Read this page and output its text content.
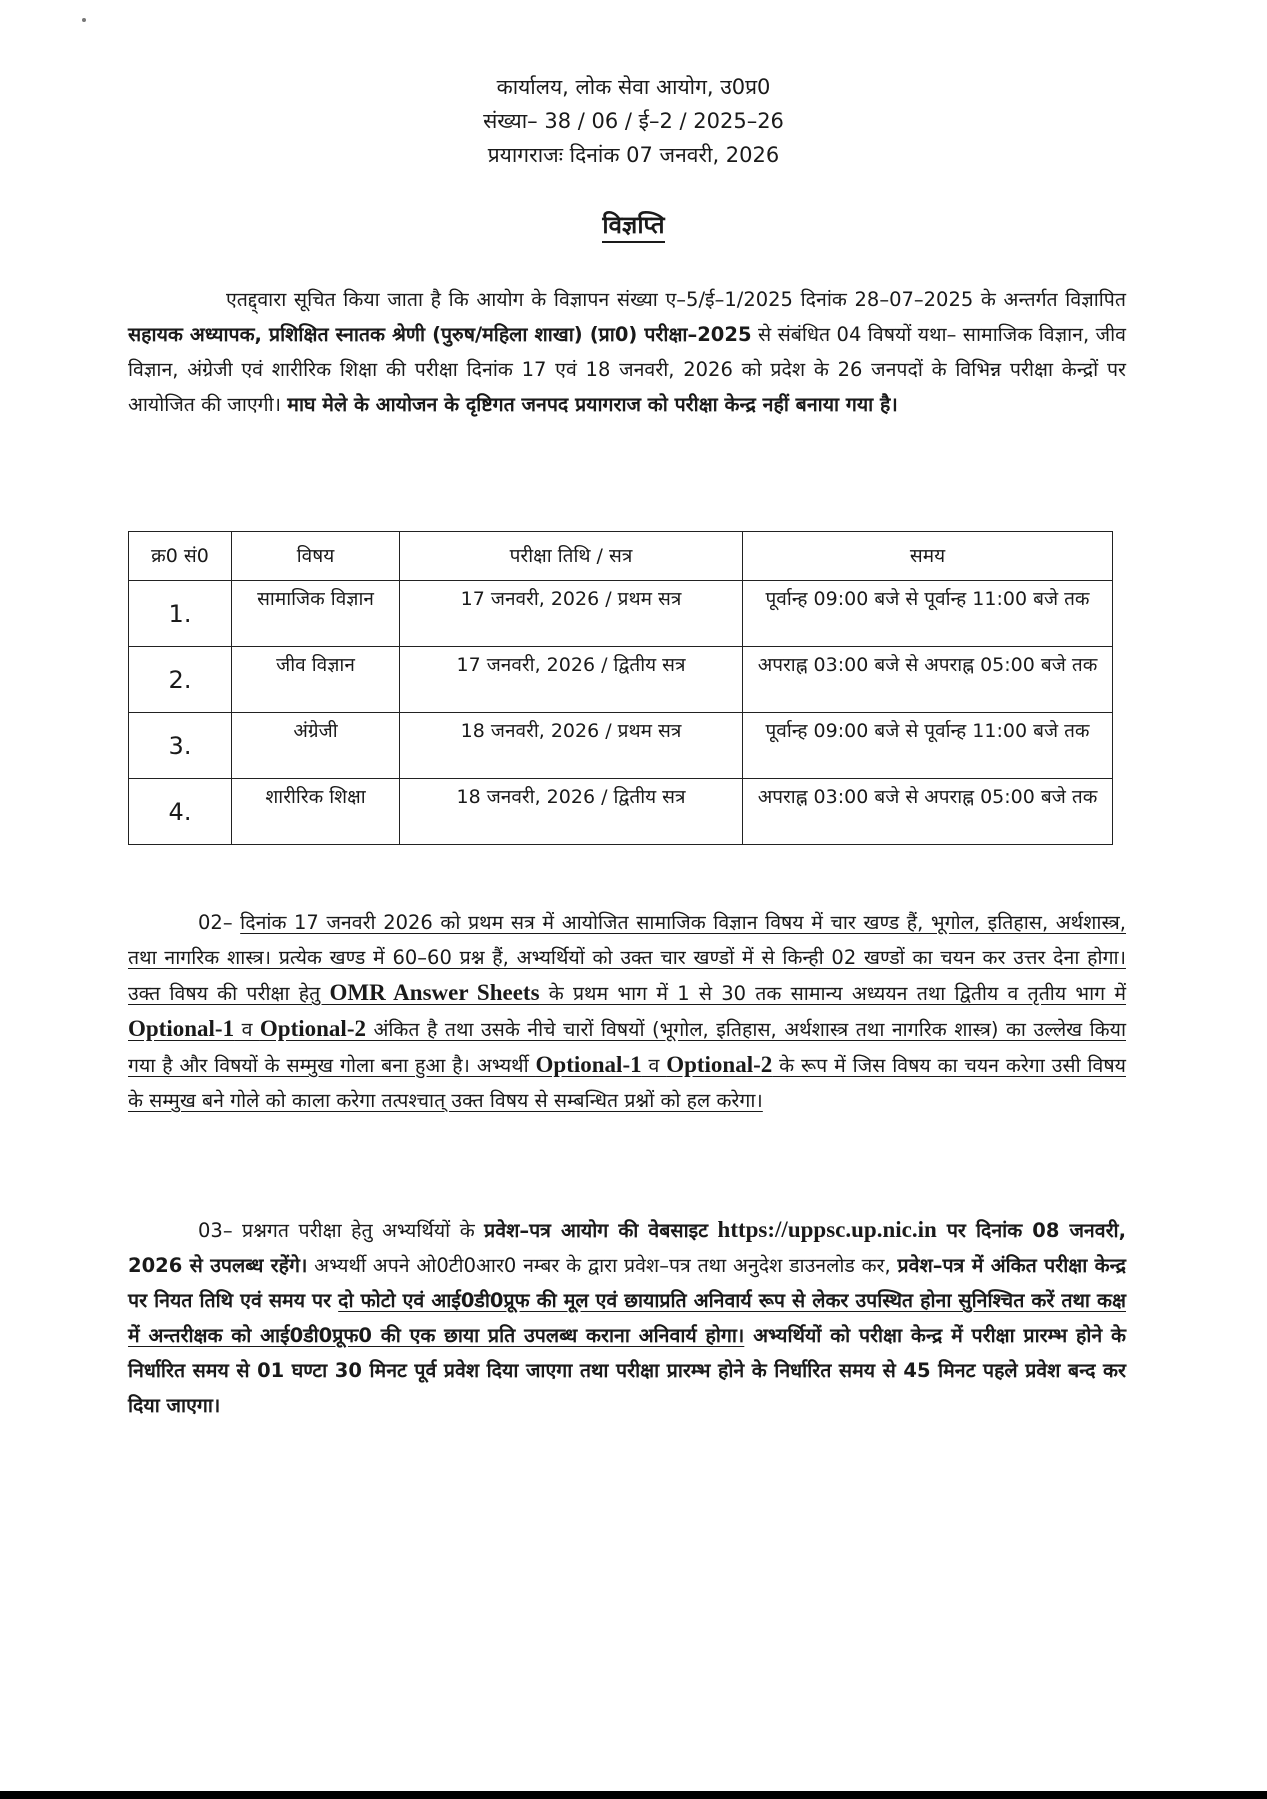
कार्यालय, लोक सेवा आयोग, उ0प्र0
संख्या– 38 / 06 / ई–2 / 2025–26
प्रयागराजः दिनांक 07 जनवरी, 2026
विज्ञप्ति
एतद्द्वारा सूचित किया जाता है कि आयोग के विज्ञापन संख्या ए–5/ई–1/2025 दिनांक 28–07–2025 के अन्तर्गत विज्ञापित सहायक अध्यापक, प्रशिक्षित स्नातक श्रेणी (पुरुष/महिला शाखा) (प्रा0) परीक्षा–2025 से संबंधित 04 विषयों यथा– सामाजिक विज्ञान, जीव विज्ञान, अंग्रेजी एवं शारीरिक शिक्षा की परीक्षा दिनांक 17 एवं 18 जनवरी, 2026 को प्रदेश के 26 जनपदों के विभिन्न परीक्षा केन्द्रों पर आयोजित की जाएगी। माघ मेले के आयोजन के दृष्टिगत जनपद प्रयागराज को परीक्षा केन्द्र नहीं बनाया गया है।
क्र0 सं0	विषय	परीक्षा तिथि / सत्र	समय
1.	सामाजिक विज्ञान	17 जनवरी, 2026 / प्रथम सत्र	पूर्वान्ह 09:00 बजे से पूर्वान्ह 11:00 बजे तक
2.	जीव विज्ञान	17 जनवरी, 2026 / द्वितीय सत्र	अपराह्न 03:00 बजे से अपराह्न 05:00 बजे तक
3.	अंग्रेजी	18 जनवरी, 2026 / प्रथम सत्र	पूर्वान्ह 09:00 बजे से पूर्वान्ह 11:00 बजे तक
4.	शारीरिक शिक्षा	18 जनवरी, 2026 / द्वितीय सत्र	अपराह्न 03:00 बजे से अपराह्न 05:00 बजे तक
02– दिनांक 17 जनवरी 2026 को प्रथम सत्र में आयोजित सामाजिक विज्ञान विषय में चार खण्ड हैं, भूगोल, इतिहास, अर्थशास्त्र, तथा नागरिक शास्त्र। प्रत्येक खण्ड में 60–60 प्रश्न हैं, अभ्यर्थियों को उक्त चार खण्डों में से किन्ही 02 खण्डों का चयन कर उत्तर देना होगा। उक्त विषय की परीक्षा हेतु OMR Answer Sheets के प्रथम भाग में 1 से 30 तक सामान्य अध्ययन तथा द्वितीय व तृतीय भाग में Optional-1 व Optional-2 अंकित है तथा उसके नीचे चारों विषयों (भूगोल, इतिहास, अर्थशास्त्र तथा नागरिक शास्त्र) का उल्लेख किया गया है और विषयों के सम्मुख गोला बना हुआ है। अभ्यर्थी Optional-1 व Optional-2 के रूप में जिस विषय का चयन करेगा उसी विषय के सम्मुख बने गोले को काला करेगा तत्पश्चात् उक्त विषय से सम्बन्धित प्रश्नों को हल करेगा।
03– प्रश्नगत परीक्षा हेतु अभ्यर्थियों के प्रवेश–पत्र आयोग की वेबसाइट https://uppsc.up.nic.in पर दिनांक 08 जनवरी, 2026 से उपलब्ध रहेंगे। अभ्यर्थी अपने ओ0टी0आर0 नम्बर के द्वारा प्रवेश–पत्र तथा अनुदेश डाउनलोड कर, प्रवेश–पत्र में अंकित परीक्षा केन्द्र पर नियत तिथि एवं समय पर दो फोटो एवं आई0डी0प्रूफ की मूल एवं छायाप्रति अनिवार्य रूप से लेकर उपस्थित होना सुनिश्चित करें तथा कक्ष में अन्तरीक्षक को आई0डी0प्रूफ0 की एक छाया प्रति उपलब्ध कराना अनिवार्य होगा। अभ्यर्थियों को परीक्षा केन्द्र में परीक्षा प्रारम्भ होने के निर्धारित समय से 01 घण्टा 30 मिनट पूर्व प्रवेश दिया जाएगा तथा परीक्षा प्रारम्भ होने के निर्धारित समय से 45 मिनट पहले प्रवेश बन्द कर दिया जाएगा।
